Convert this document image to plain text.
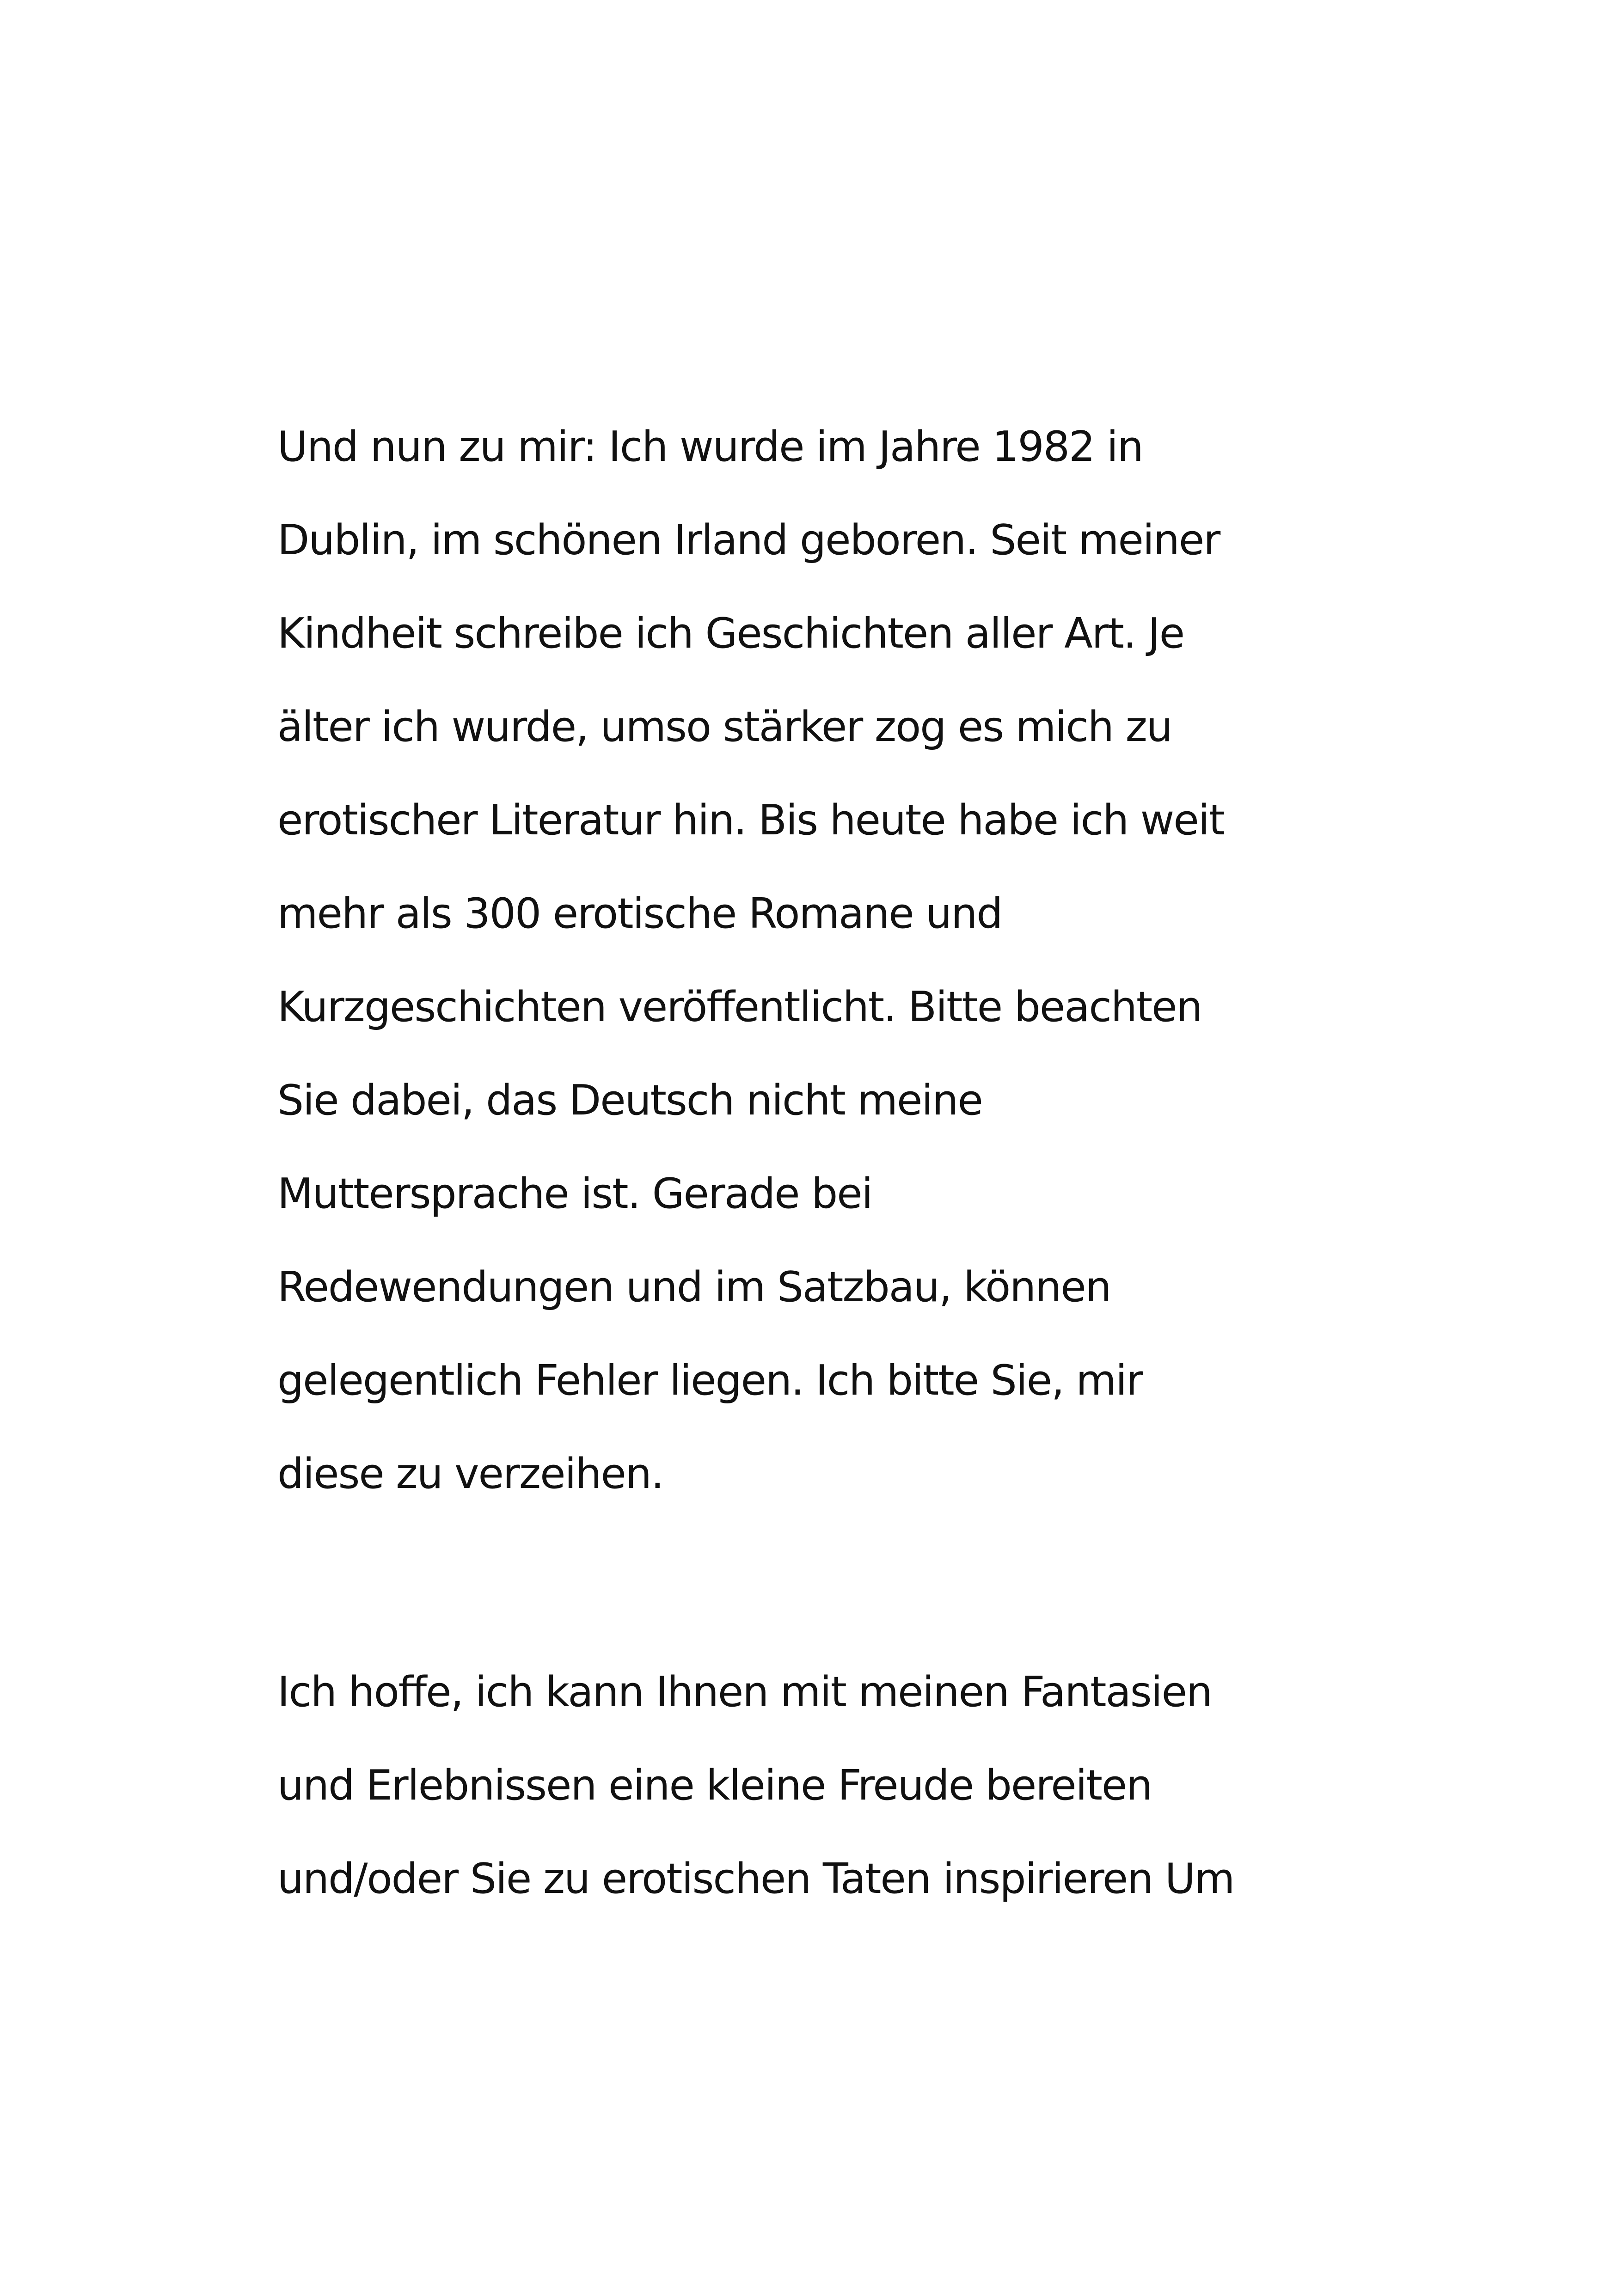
Und nun zu mir: Ich wurde im Jahre 1982 in
Dublin, im schönen Irland geboren. Seit meiner
Kindheit schreibe ich Geschichten aller Art. Je
älter ich wurde, umso stärker zog es mich zu
erotischer Literatur hin. Bis heute habe ich weit
mehr als 300 erotische Romane und
Kurzgeschichten veröffentlicht. Bitte beachten
Sie dabei, das Deutsch nicht meine
Muttersprache ist. Gerade bei
Redewendungen und im Satzbau, können
gelegentlich Fehler liegen. Ich bitte Sie, mir
diese zu verzeihen.
Ich hoffe, ich kann Ihnen mit meinen Fantasien
und Erlebnissen eine kleine Freude bereiten
und/oder Sie zu erotischen Taten inspirieren Um
